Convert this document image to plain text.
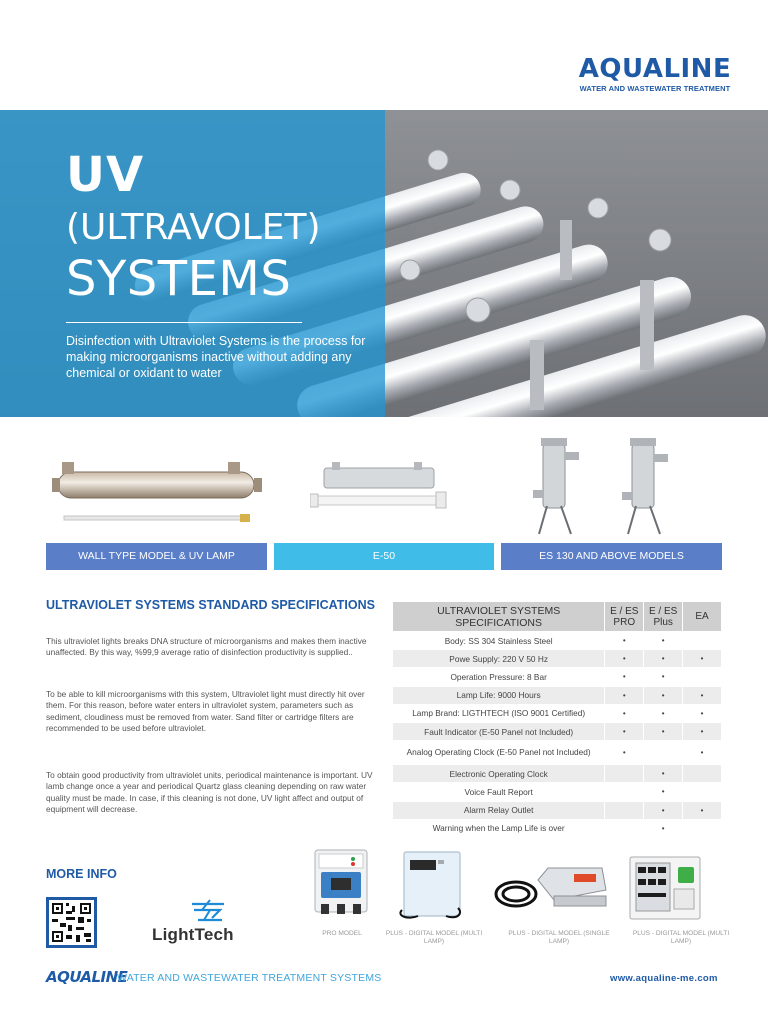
AQUALINE
WATER AND WASTEWATER TREATMENT
UV
(ULTRAVOLET)
SYSTEMS
Disinfection with Ultraviolet Systems is the process for making microorganisms inactive without adding any chemical or oxidant to water
WALL TYPE MODEL & UV LAMP	E-50	ES 130 AND ABOVE MODELS
ULTRAVIOLET SYSTEMS STANDARD SPECIFICATIONS

This ultraviolet lights breaks DNA structure of microorganisms and makes them inactive unaffected. By this way, %99,9 average ratio of disinfection productivity is supplied..

To be able to kill microorganisms with this system, Ultraviolet light must directly hit over them. For this reason, before water enters in ultraviolet system, parameters such as sediment, cloudiness must be removed from water. Sand filter or cartridge filters are recommended to be used before ultraviolet.

To obtain good productivity from ultraviolet units, periodical maintenance is important. UV lamb change once a year and periodical Quartz glass cleaning depending on raw water quality must be made. In case, if this cleaning is not done, UV light affect and output of equipment will decrease.

ULTRAVIOLET SYSTEMS SPECIFICATIONS	E / ES PRO	E / ES Plus	EA
Body: SS 304 Stainless Steel	•	•	
Powe Supply: 220 V 50 Hz	•	•	•
Operation Pressure: 8 Bar	•	•	
Lamp Life: 9000 Hours	•	•	•
Lamp Brand: LIGTHTECH (ISO 9001 Certified)	•	•	•
Fault Indicator (E-50 Panel not Included)	•	•	•
Analog Operating Clock (E-50 Panel not Included)	•		•
Electronic Operating Clock		•	
Voice Fault Report		•	
Alarm Relay Outlet		•	•
Warning when the Lamp Life is over		•	
MORE INFO
LightTech	PRO MODEL	PLUS - DIGITAL MODEL (MULTI LAMP)
PLUS - DIGITAL MODEL (SINGLE LAMP)
PLUS - DIGITAL MODEL (MULTI LAMP)
AQUALINE
WATER AND WASTEWATER TREATMENT SYSTEMS	www.aqualine-me.com
